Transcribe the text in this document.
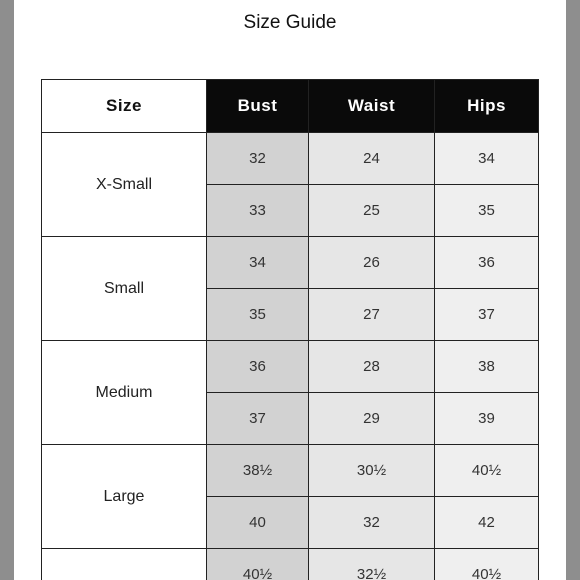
Size Guide
Size	Bust	Waist	Hips
X-Small	32	24	34
	33	25	35
Small	34	26	36
	35	27	37
Medium	36	28	38
	37	29	39
Large	38½	30½	40½
	40	32	42
	40½	32½	40½
